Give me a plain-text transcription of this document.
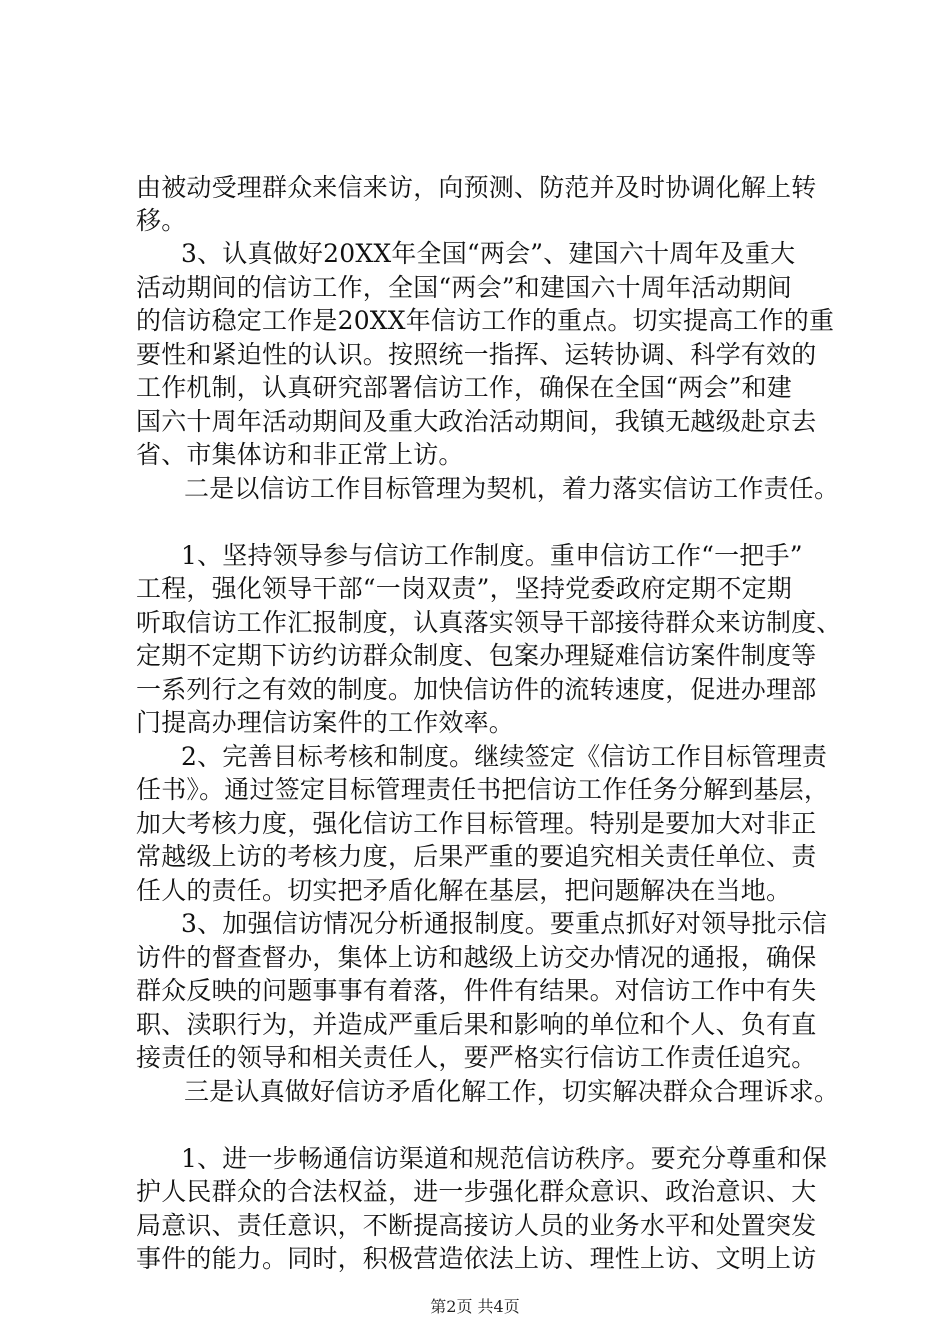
由被动受理群众来信来访，向预测、防范并及时协调化解上转
移。
3、认真做好20XX年全国“两会”、建国六十周年及重大
活动期间的信访工作，全国“两会”和建国六十周年活动期间
的信访稳定工作是20XX年信访工作的重点。切实提高工作的重
要性和紧迫性的认识。按照统一指挥、运转协调、科学有效的
工作机制，认真研究部署信访工作，确保在全国“两会”和建
国六十周年活动期间及重大政治活动期间，我镇无越级赴京去
省、市集体访和非正常上访。
二是以信访工作目标管理为契机，着力落实信访工作责任。
1、坚持领导参与信访工作制度。重申信访工作“一把手”
工程，强化领导干部“一岗双责”，坚持党委政府定期不定期
听取信访工作汇报制度，认真落实领导干部接待群众来访制度、
定期不定期下访约访群众制度、包案办理疑难信访案件制度等
一系列行之有效的制度。加快信访件的流转速度，促进办理部
门提高办理信访案件的工作效率。
2、完善目标考核和制度。继续签定《信访工作目标管理责
任书》。通过签定目标管理责任书把信访工作任务分解到基层，
加大考核力度，强化信访工作目标管理。特别是要加大对非正
常越级上访的考核力度，后果严重的要追究相关责任单位、责
任人的责任。切实把矛盾化解在基层，把问题解决在当地。
3、加强信访情况分析通报制度。要重点抓好对领导批示信
访件的督查督办，集体上访和越级上访交办情况的通报，确保
群众反映的问题事事有着落，件件有结果。对信访工作中有失
职、渎职行为，并造成严重后果和影响的单位和个人、负有直
接责任的领导和相关责任人，要严格实行信访工作责任追究。
三是认真做好信访矛盾化解工作，切实解决群众合理诉求。
1、进一步畅通信访渠道和规范信访秩序。要充分尊重和保
护人民群众的合法权益，进一步强化群众意识、政治意识、大
局意识、责任意识，不断提高接访人员的业务水平和处置突发
事件的能力。同时，积极营造依法上访、理性上访、文明上访
第2页 共4页
